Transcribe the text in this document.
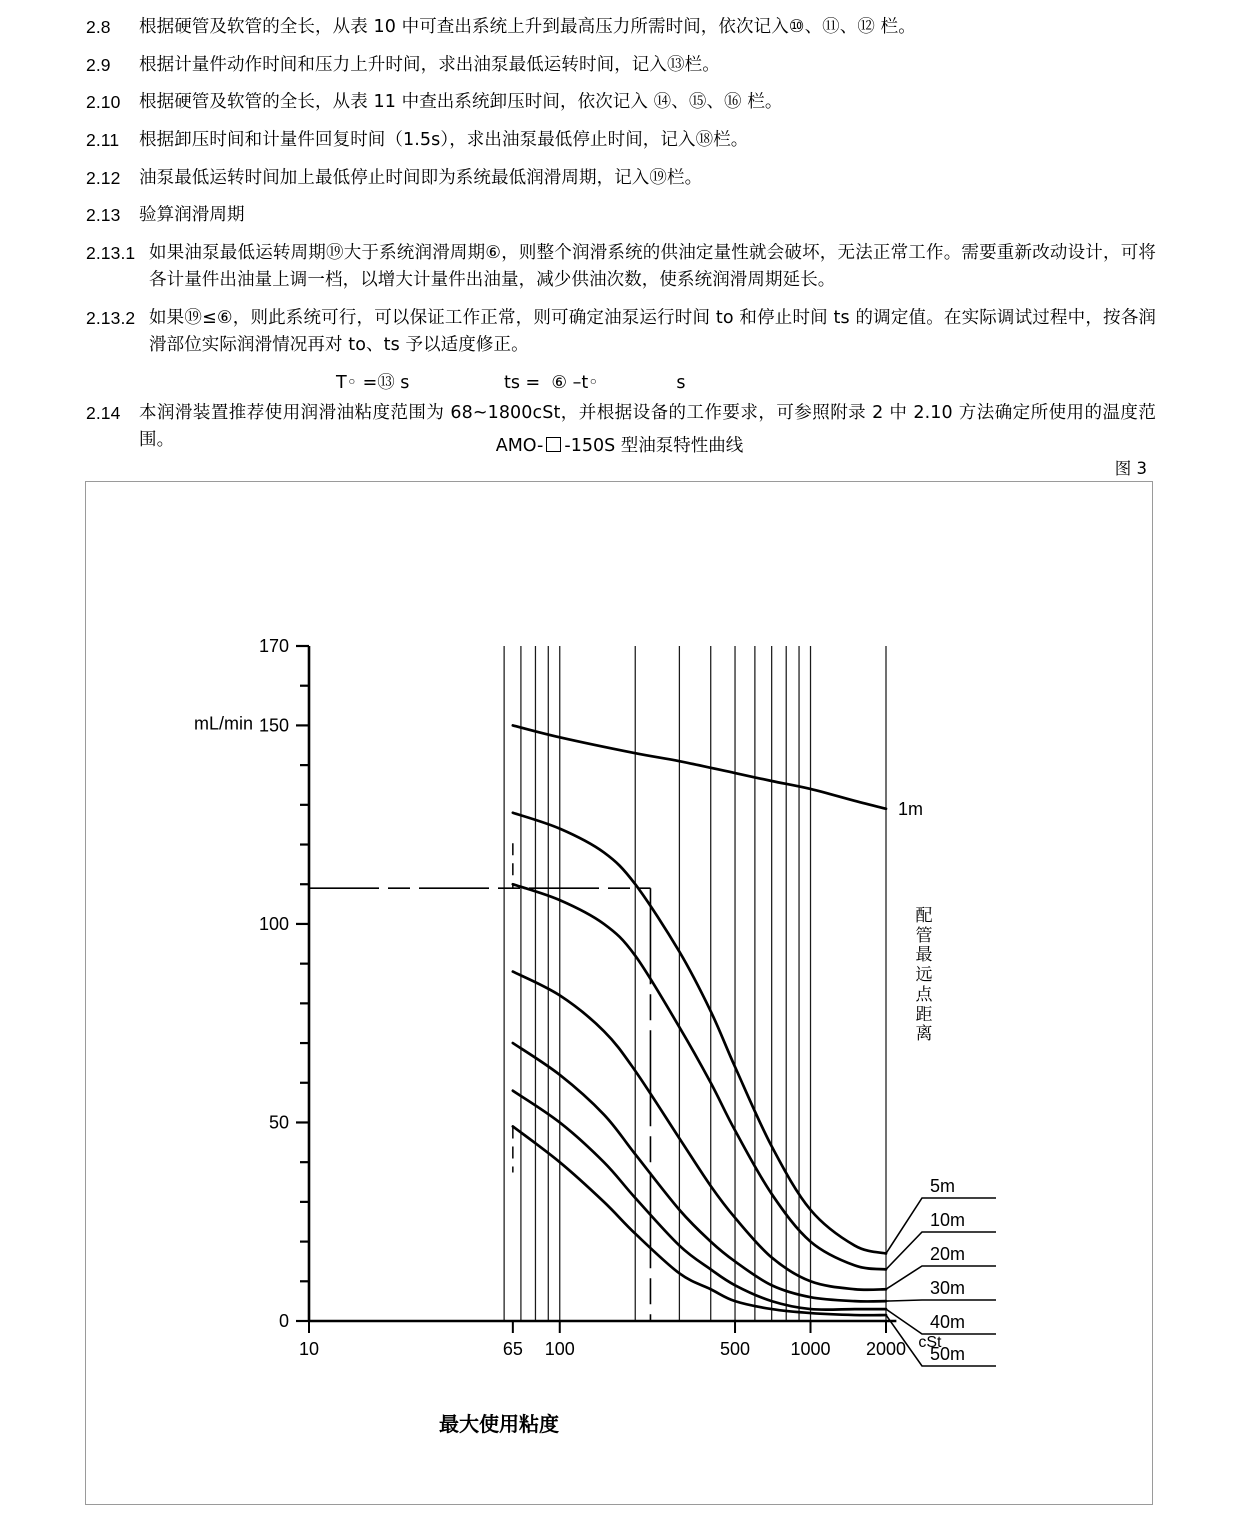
2.8	根据硬管及软管的全长，从表 10 中可查出系统上升到最高压力所需时间，依次记入⑩、⑪、⑫ 栏。
2.9	根据计量件动作时间和压力上升时间，求出油泵最低运转时间，记入⑬栏。
2.10	根据硬管及软管的全长，从表 11 中查出系统卸压时间，依次记入 ⑭、⑮、⑯ 栏。
2.11	根据卸压时间和计量件回复时间（1.5s），求出油泵最低停止时间，记入⑱栏。
2.12	油泵最低运转时间加上最低停止时间即为系统最低润滑周期，记入⑲栏。
2.13	验算润滑周期
2.13.1 如果油泵最低运转周期⑲大于系统润滑周期⑥，则整个润滑系统的供油定量性就会破坏，无法正常工作。需要重新改动设计，可将各计量件出油量上调一档，以增大计量件出油量，减少供油次数，使系统润滑周期延长。
2.13.2 如果⑲≤⑥，则此系统可行，可以保证工作正常，则可确定油泵运行时间 to 和停止时间 ts 的调定值。在实际调试过程中，按各润滑部位实际润滑情况再对 to、ts 予以适度修正。
T◦ =⑬ s                 ts =  ⑥ –t◦              s
2.14	本润滑装置推荐使用润滑油粘度范围为 68~1800cSt，并根据设备的工作要求，可参照附录 2 中 2.10 方法确定所使用的温度范围。	AMO- -150S 型油泵特性曲线
图 3
0
50
100
150
170
mL/min
10	65 100	500 1000 2000 cSt
最大使用粘度
1m
5m
10m
20m
30m
40m
50m
配
管
最
远
点
距
离
